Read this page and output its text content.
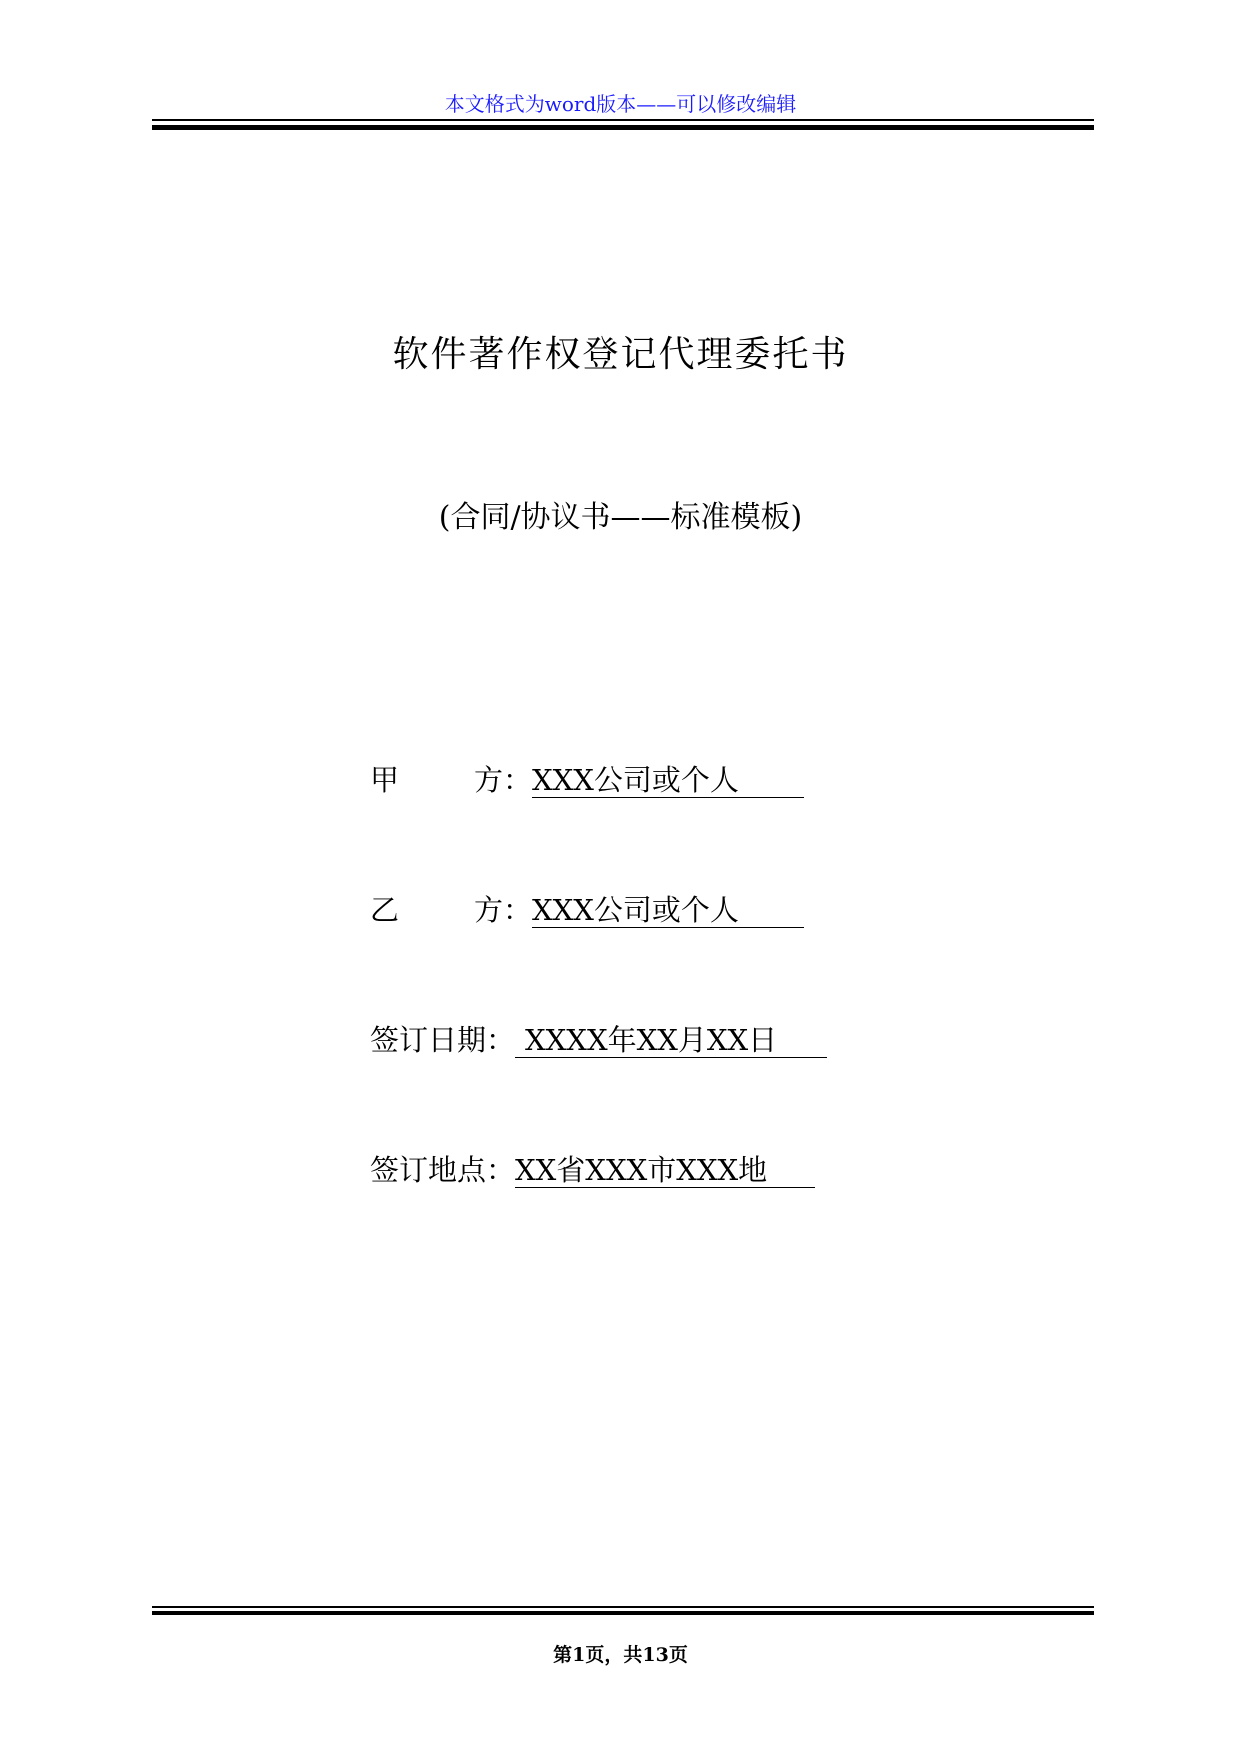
本文格式为word版本——可以修改编辑
软件著作权登记代理委托书
(合同/协议书——标准模板)
甲	方： XXX公司或个人
乙	方： XXX公司或个人
签订日期： XXXX年XX月XX日
签订地点： XX省XXX市XXX地
第1页，共13页
